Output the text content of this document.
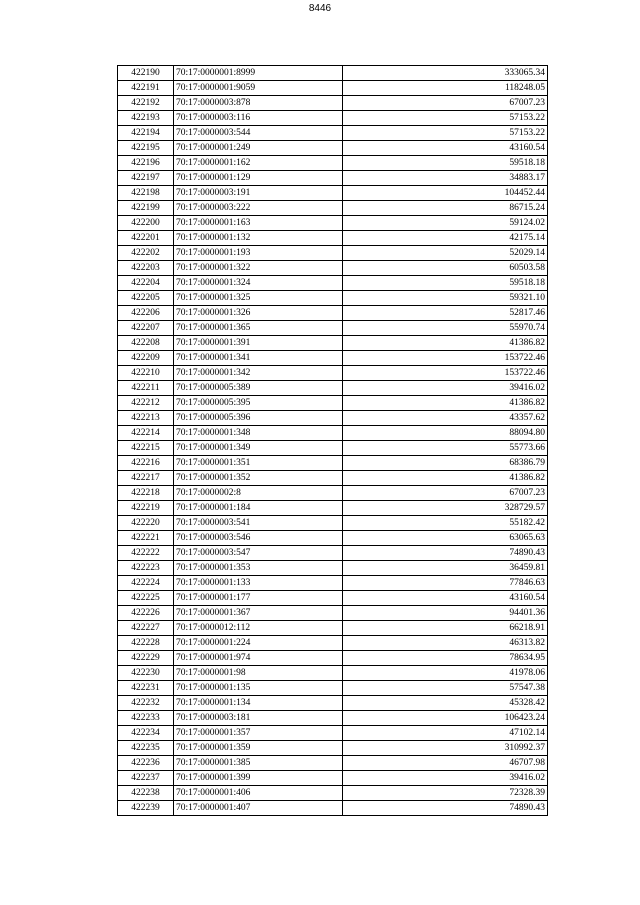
8446
422190	70:17:0000001:8999	333065.34
422191	70:17:0000001:9059	118248.05
422192	70:17:0000003:878	67007.23
422193	70:17:0000003:116	57153.22
422194	70:17:0000003:544	57153.22
422195	70:17:0000001:249	43160.54
422196	70:17:0000001:162	59518.18
422197	70:17:0000001:129	34883.17
422198	70:17:0000003:191	104452.44
422199	70:17:0000003:222	86715.24
422200	70:17:0000001:163	59124.02
422201	70:17:0000001:132	42175.14
422202	70:17:0000001:193	52029.14
422203	70:17:0000001:322	60503.58
422204	70:17:0000001:324	59518.18
422205	70:17:0000001:325	59321.10
422206	70:17:0000001:326	52817.46
422207	70:17:0000001:365	55970.74
422208	70:17:0000001:391	41386.82
422209	70:17:0000001:341	153722.46
422210	70:17:0000001:342	153722.46
422211	70:17:0000005:389	39416.02
422212	70:17:0000005:395	41386.82
422213	70:17:0000005:396	43357.62
422214	70:17:0000001:348	88094.80
422215	70:17:0000001:349	55773.66
422216	70:17:0000001:351	68386.79
422217	70:17:0000001:352	41386.82
422218	70:17:0000002:8	67007.23
422219	70:17:0000001:184	328729.57
422220	70:17:0000003:541	55182.42
422221	70:17:0000003:546	63065.63
422222	70:17:0000003:547	74890.43
422223	70:17:0000001:353	36459.81
422224	70:17:0000001:133	77846.63
422225	70:17:0000001:177	43160.54
422226	70:17:0000001:367	94401.36
422227	70:17:0000012:112	66218.91
422228	70:17:0000001:224	46313.82
422229	70:17:0000001:974	78634.95
422230	70:17:0000001:98	41978.06
422231	70:17:0000001:135	57547.38
422232	70:17:0000001:134	45328.42
422233	70:17:0000003:181	106423.24
422234	70:17:0000001:357	47102.14
422235	70:17:0000001:359	310992.37
422236	70:17:0000001:385	46707.98
422237	70:17:0000001:399	39416.02
422238	70:17:0000001:406	72328.39
422239	70:17:0000001:407	74890.43
